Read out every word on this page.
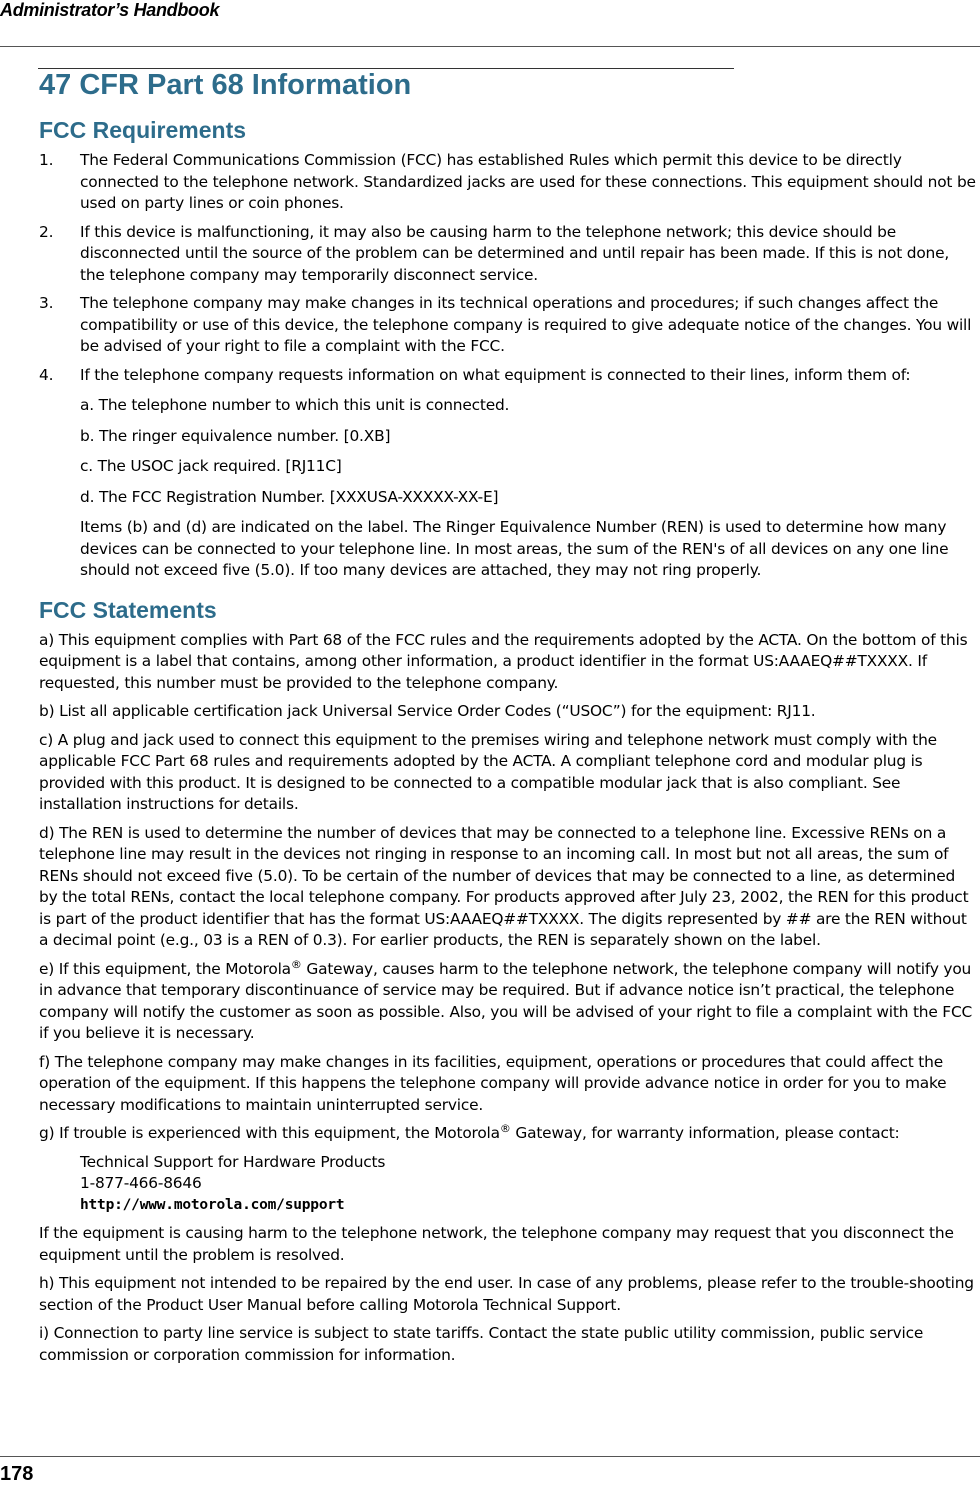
Administrator’s Handbook
47 CFR Part 68 Information
FCC Requirements

1. The Federal Communications Commission (FCC) has established Rules which permit this device to be directly connected to the telephone network. Standardized jacks are used for these connections. This equipment should not be used on party lines or coin phones.

2. If this device is malfunctioning, it may also be causing harm to the telephone network; this device should be disconnected until the source of the problem can be determined and until repair has been made. If this is not done, the telephone company may temporarily disconnect service.

3. The telephone company may make changes in its technical operations and procedures; if such changes affect the compatibility or use of this device, the telephone company is required to give adequate notice of the changes. You will be advised of your right to file a complaint with the FCC.

4. If the telephone company requests information on what equipment is connected to their lines, inform them of:

a. The telephone number to which this unit is connected.

b. The ringer equivalence number. [0.XB]

c. The USOC jack required. [RJ11C]

d. The FCC Registration Number. [XXXUSA-XXXXX-XX-E]

Items (b) and (d) are indicated on the label. The Ringer Equivalence Number (REN) is used to determine how many devices can be connected to your telephone line. In most areas, the sum of the REN's of all devices on any one line should not exceed five (5.0). If too many devices are attached, they may not ring properly.

FCC Statements

a) This equipment complies with Part 68 of the FCC rules and the requirements adopted by the ACTA. On the bottom of this equipment is a label that contains, among other information, a product identifier in the format US:AAAEQ##TXXXX. If requested, this number must be provided to the telephone company.

b) List all applicable certification jack Universal Service Order Codes (“USOC”) for the equipment: RJ11.

c) A plug and jack used to connect this equipment to the premises wiring and telephone network must comply with the applicable FCC Part 68 rules and requirements adopted by the ACTA. A compliant telephone cord and modular plug is provided with this product. It is designed to be connected to a compatible modular jack that is also compliant. See installation instructions for details.

d) The REN is used to determine the number of devices that may be connected to a telephone line. Excessive RENs on a telephone line may result in the devices not ringing in response to an incoming call. In most but not all areas, the sum of RENs should not exceed five (5.0). To be certain of the number of devices that may be connected to a line, as determined by the total RENs, contact the local telephone company. For products approved after July 23, 2002, the REN for this product is part of the product identifier that has the format US:AAAEQ##TXXXX. The digits represented by ## are the REN without a decimal point (e.g., 03 is a REN of 0.3). For earlier products, the REN is separately shown on the label.

e) If this equipment, the Motorola® Gateway, causes harm to the telephone network, the telephone company will notify you in advance that temporary discontinuance of service may be required. But if advance notice isn’t practical, the telephone company will notify the customer as soon as possible. Also, you will be advised of your right to file a complaint with the FCC if you believe it is necessary.

f) The telephone company may make changes in its facilities, equipment, operations or procedures that could affect the operation of the equipment. If this happens the telephone company will provide advance notice in order for you to make necessary modifications to maintain uninterrupted service.

g) If trouble is experienced with this equipment, the Motorola® Gateway, for warranty information, please contact:

Technical Support for Hardware Products

1-877-466-8646

http://www.motorola.com/support

If the equipment is causing harm to the telephone network, the telephone company may request that you disconnect the equipment until the problem is resolved.

h) This equipment not intended to be repaired by the end user. In case of any problems, please refer to the trouble-shooting section of the Product User Manual before calling Motorola Technical Support.

i) Connection to party line service is subject to state tariffs. Contact the state public utility commission, public service commission or corporation commission for information.

178
